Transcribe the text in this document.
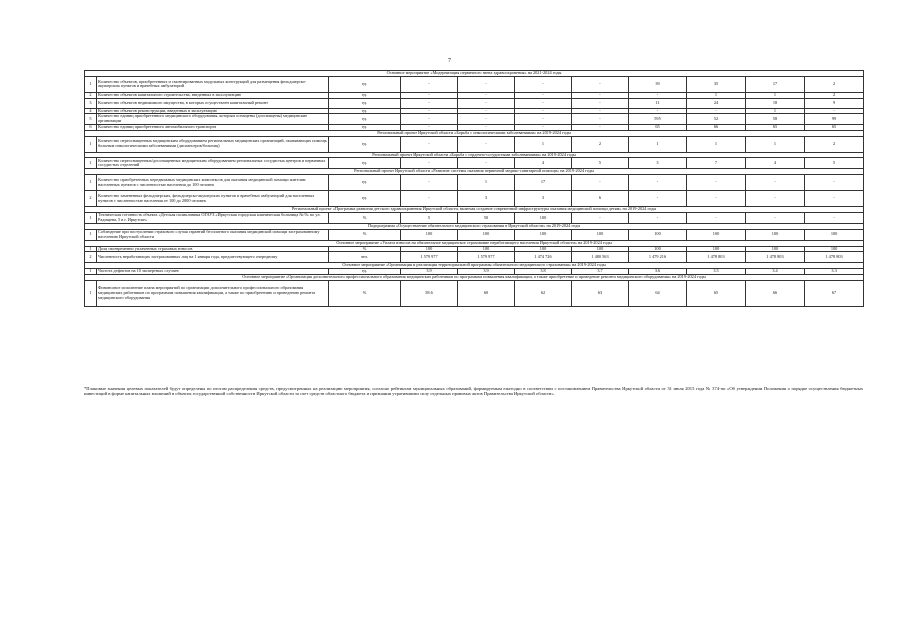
7
Основное мероприятие «Модернизация первичного звена здравоохранения» на 2021-2024 годы										
1	Количество объектов, приобретенных и смонтированных модульных конструкций для размещения фельдшерско-акушерских пунктов и врачебных амбулаторий	ед.	-	-	-	-	39	35	17	2
2	Количество объектов капитального строительства, введенных в эксплуатацию	ед.	-	-	-	-	-	1	1	2
3	Количество объектов недвижимого имущества, в которых осуществлен капитальный ремонт	ед.	-	-	-	-	11	24	18	9
4	Количество объектов реконструкции, введенных в эксплуатацию	ед.	-	-	-	-	-	-	1	-
5	Количество единиц приобретенного медицинского оборудования, которым оснащены (дооснащены) медицинские организации	ед.	-	-	-	-	595	52	58	99
6	Количество единиц приобретенного автомобильного транспорта	ед.	-	-	-	-	65	66	65	65
Региональный проект Иркутской области «Борьба с онкологическими заболеваниями» на 2019-2024 годы										
1	Количество переоснащенных медицинским оборудованием региональных медицинских организаций, оказывающих помощь больным онкологическими заболеваниями (диспансеров/больниц)	ед.	-	-	1	2	1	1	1	2
Региональный проект Иркутской области «Борьба с сердечно-сосудистыми заболеваниями» на 2019-2024 годы										
1	Количество переоснащенных/дооснащенных медицинским оборудованием региональных сосудистых центров и первичных сосудистых отделений	ед.	-	-	4	5	3	7	4	5
Региональный проект Иркутской области «Развитие системы оказания первичной медико-санитарной помощи» на 2019-2024 годы										
1	Количество приобретенных передвижных медицинских комплексов для оказания медицинской помощи жителям населенных пунктов с численностью населения до 100 человек	ед.	-	1	17	-	-	-	-	-
2	Количество замененных фельдшерских, фельдшерско-акушерских пунктов и врачебных амбулаторий для населенных пунктов с численностью населения от 100 до 2000 человек	ед.	-	3	3	6	-	-	-	-
Региональный проект «Программа развития детского здравоохранения Иркутской области, включая создание современной инфраструктуры оказания медицинской помощи детям» на 2019-2024 годы										
1	Техническая готовность объекта «Детская поликлиника ОГАУЗ «Иркутская городская клиническая больница № 9» по ул. Радищева, 5 в г. Иркутске»	%	5	50	100	-	-	-	-	-
Подпрограмма «Осуществление обязательного медицинского страхования в Иркутской области» на 2019-2024 годы										
1	Соблюдение при поступлении страхового случая гарантий бесплатного оказания медицинской помощи застрахованному населению Иркутской области	%	100	100	100	100	100	100	100	100
Основное мероприятие «Уплата взносов на обязательное медицинское страхование неработающего населения Иркутской области» на 2019-2024 годы										
1	Доля своевременно уплаченных страховых взносов	%	100	100	100	100	100	100	100	100
2	Численность неработающих застрахованных лиц на 1 января года, предшествующего очередному	чел.	1 579 977	1 579 977	1 474 726	1 480 563	1 479 216	1 478 803	1 478 803	1 478 803
Основное мероприятие «Организация и реализация территориальной программы обязательного медицинского страхования» на 2019-2024 годы										
1	Частота дефектов на 10 экспертных случаев	ед.	3.9	3.9	3.8	3.7	3.6	3.5	3.4	3.3
Основное мероприятие «Организация дополнительного профессионального образования медицинских работников по программам повышения квалификации, а также приобретение и проведение ремонта медицинского оборудования» на 2019-2024 годы										
1	Финансовое исполнение плана мероприятий по организации дополнительного профессионального образования медицинских работников по программам повышения квалификации, а также по приобретению и проведению ремонта медицинского оборудования	%	58.6	60	62	63	64	65	66	67
*Плановые значения целевых показателей будут определены по итогам распределения средств, предусмотренных на реализацию мероприятия, согласно рейтингам муниципальных образований, формируемым ежегодно в соответствии с постановлением Правительства Иркутской области от 31 июля 2015 года № 374-пп «Об утверждении Положения о порядке осуществления бюджетных инвестиций в форме капитальных вложений в объекты государственной собственности Иркутской области за счет средств областного бюджета и признании утратившими силу отдельных правовых актов Правительства Иркутской области».
